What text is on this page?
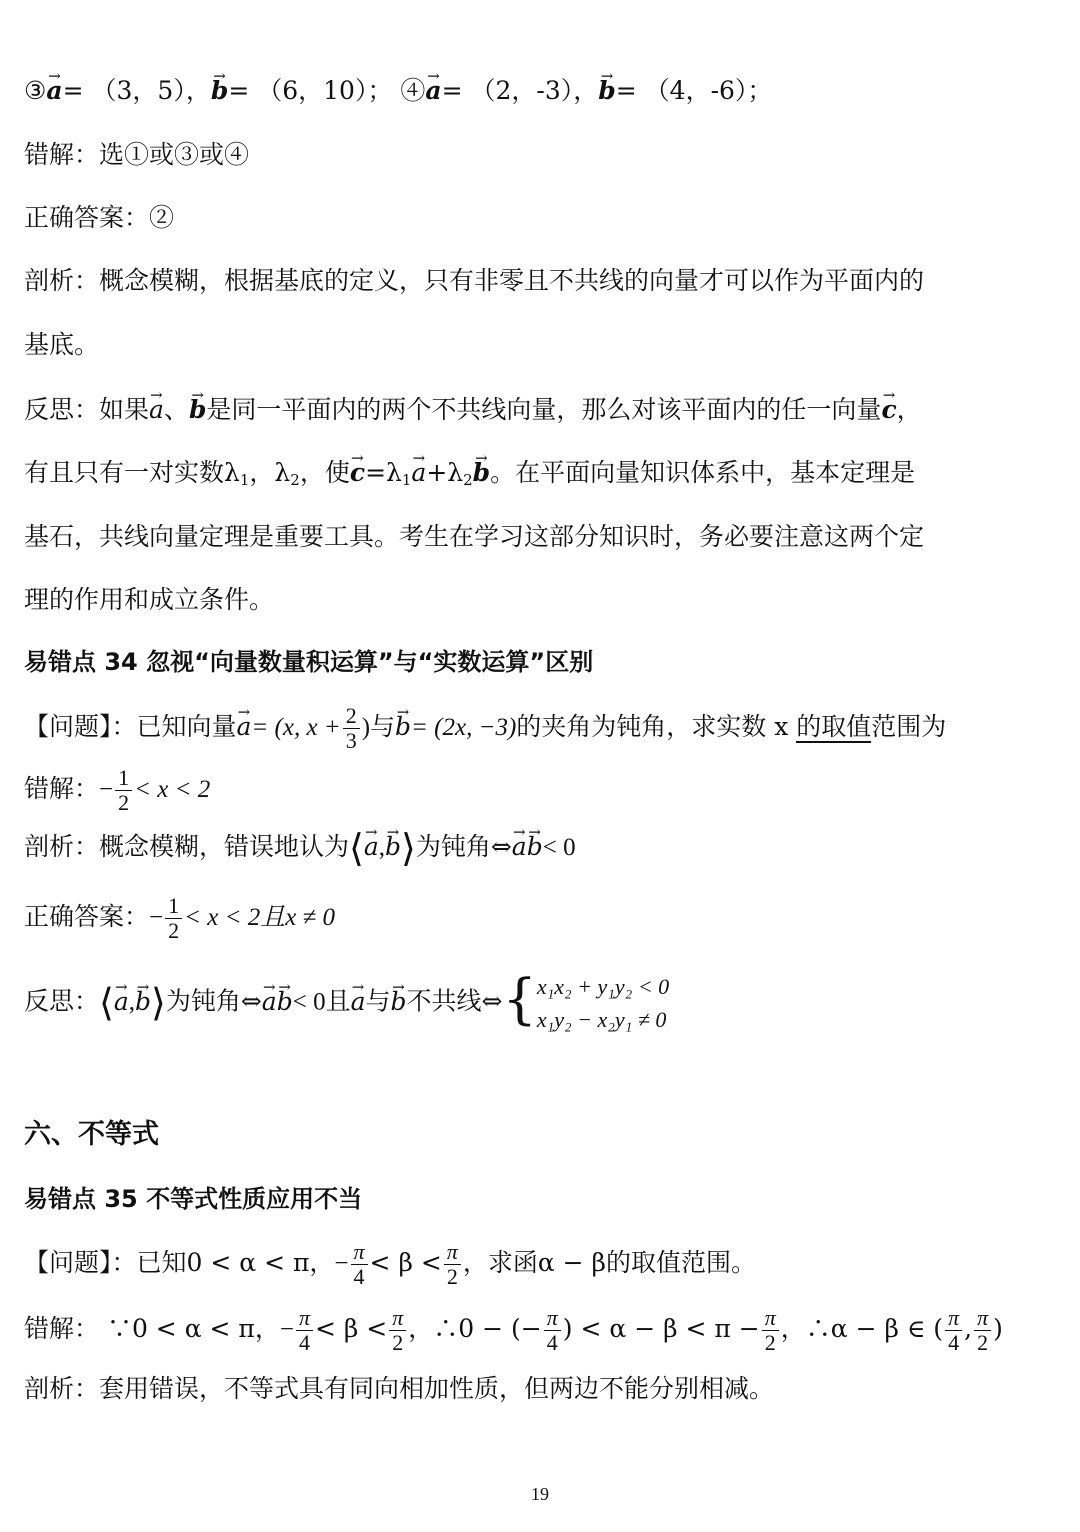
③→ a= （3，5），→ b= （6，10）； ④→ a= （2，-3），→ b= （4，-6）；
错解：选①或③或④
正确答案：②
剖析：概念模糊，根据基底的定义，只有非零且不共线的向量才可以作为平面内的
基底。
反思：如果→ a、→ b是同一平面内的两个不共线向量，那么对该平面内的任一向量→ c，
有且只有一对实数$\lambda_1$，$\lambda_2$，使→ $c=\lambda_1\to a+\lambda_2\to b$。在平面向量知识体系中，基本定理是
基石，共线向量定理是重要工具。考生在学习这部分知识时，务必要注意这两个定
理的作用和成立条件。
易错点 34 忽视“向量数量积运算”与“实数运算”区别
【问题】：已知向量→ a= (x, $x + \frac{2}{3}$ )与→ b= (2x, −3)的夹角为钝角，求实数 x 的取值范围为
错解：− $\frac{1}{2} < x < 2$
剖析：概念模糊，错误地认为⟨→ a,→ b⟩为钝角⇔→ a→ b< 0
正确答案：− $\frac{1}{2} < x < 2$且x ≠ 0
反思：⟨→ a,→ b⟩为钝角⇔→ a→ b< 0且→ a与→ b不共线⇔{ x₁x₂ + y₁y₂ < 0
x₁y₂ − x₂y₁ ≠ 0
六、不等式
易错点 35 不等式性质应用不当
【问题】：已知0 < α < π，− $\frac{\pi}{4} < \beta < \frac{\pi}{2}$ ，求函α − β的取值范围。
错解： ∵0 < α < π，− $\frac{\pi}{4} < \beta < \frac{\pi}{2}$ ，∴0 − (− $\frac{\pi}{4}$ ) < $\alpha - \beta < \pi - \frac{\pi}{2}$ ，∴α − β ∈ ( $\frac{\pi}{4}$ , $\frac{\pi}{2}$ )
剖析：套用错误，不等式具有同向相加性质，但两边不能分别相减。
19
